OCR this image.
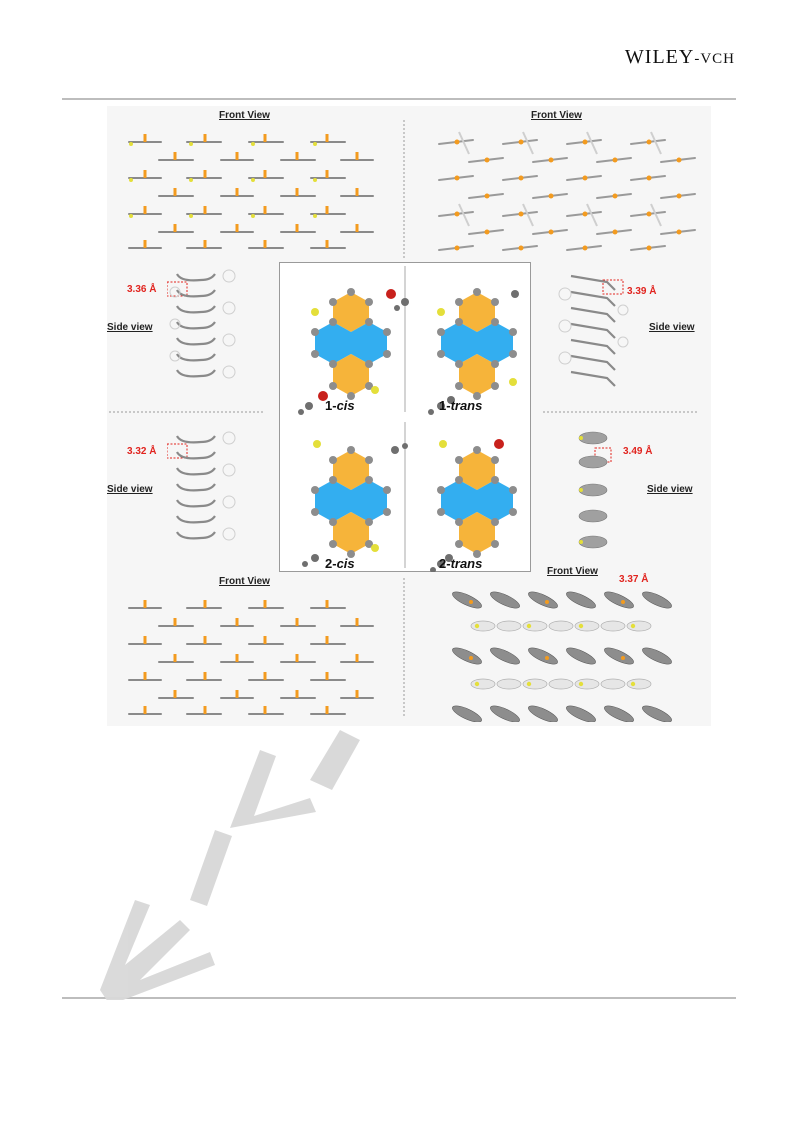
WILEY-VCH
Front View	Front View
3.36 Å
Side view
1-cis	1-trans
2-cis	2-trans
3.39 Å
Side view
3.32 Å
Side view
3.49 Å
Side view
Front View
Front View
3.37 Å
